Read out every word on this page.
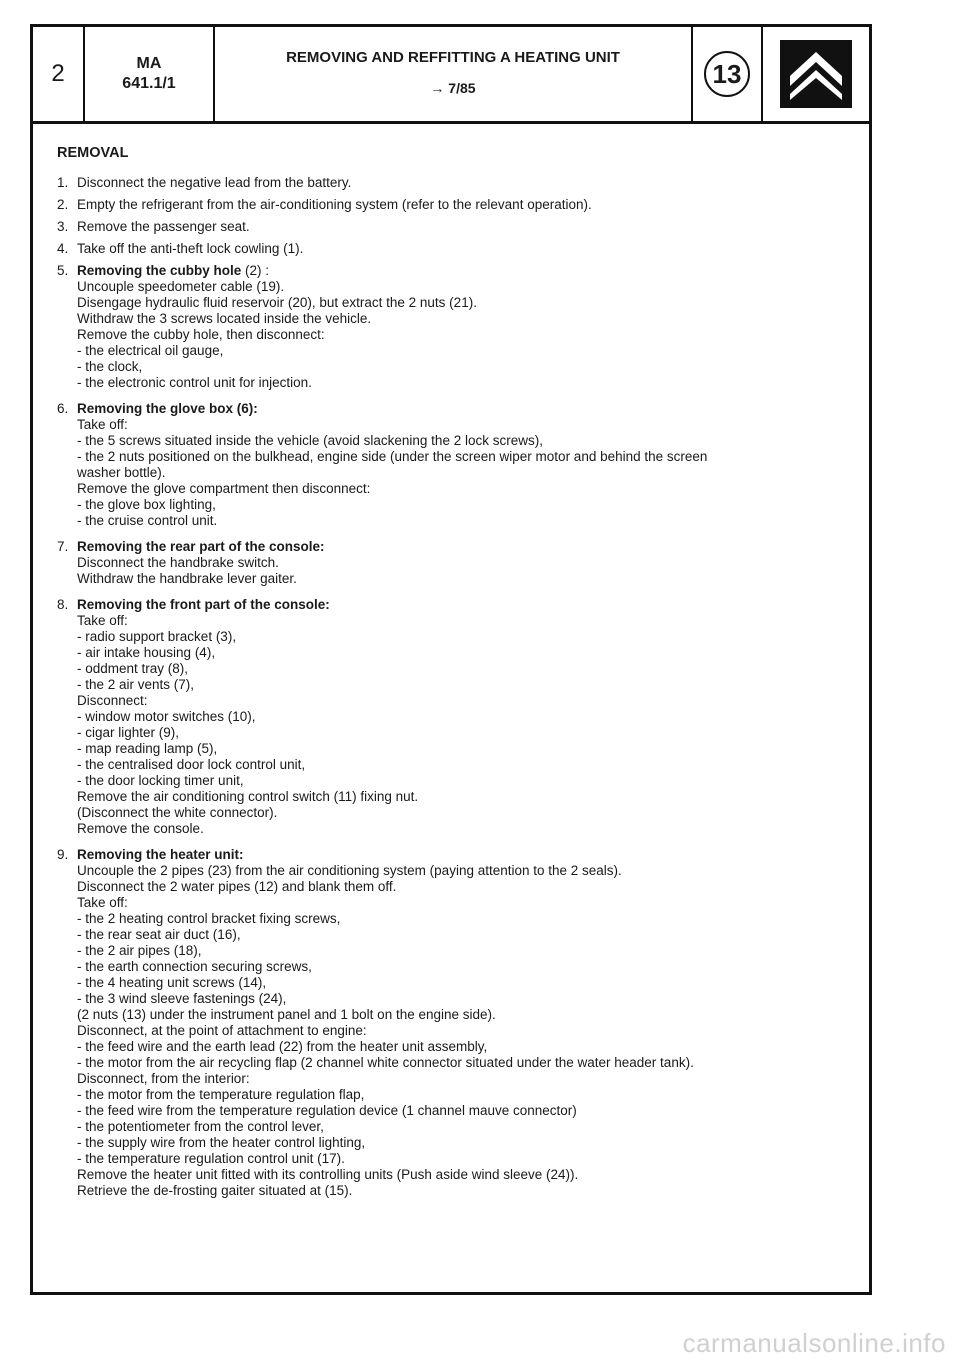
2	MA
641.1/1
REMOVING AND REFFITTING A HEATING UNIT
→ 7/85	13
REMOVAL
1. Disconnect the negative lead from the battery.
2. Empty the refrigerant from the air-conditioning system (refer to the relevant operation).
3. Remove the passenger seat.
4. Take off the anti-theft lock cowling (1).
5. Removing the cubby hole (2) :
Uncouple speedometer cable (19).
Disengage hydraulic fluid reservoir (20), but extract the 2 nuts (21).
Withdraw the 3 screws located inside the vehicle.
Remove the cubby hole, then disconnect:
- the electrical oil gauge,
- the clock,
- the electronic control unit for injection.
6. Removing the glove box (6):
Take off:
- the 5 screws situated inside the vehicle (avoid slackening the 2 lock screws),
- the 2 nuts positioned on the bulkhead, engine side (under the screen wiper motor and behind the screen
washer bottle).
Remove the glove compartment then disconnect:
- the glove box lighting,
- the cruise control unit.
7. Removing the rear part of the console:
Disconnect the handbrake switch.
Withdraw the handbrake lever gaiter.
8. Removing the front part of the console:
Take off:
- radio support bracket (3),
- air intake housing (4),
- oddment tray (8),
- the 2 air vents (7),
Disconnect:
- window motor switches (10),
- cigar lighter (9),
- map reading lamp (5),
- the centralised door lock control unit,
- the door locking timer unit,
Remove the air conditioning control switch (11) fixing nut.
(Disconnect the white connector).
Remove the console.
9. Removing the heater unit:
Uncouple the 2 pipes (23) from the air conditioning system (paying attention to the 2 seals).
Disconnect the 2 water pipes (12) and blank them off.
Take off:
- the 2 heating control bracket fixing screws,
- the rear seat air duct (16),
- the 2 air pipes (18),
- the earth connection securing screws,
- the 4 heating unit screws (14),
- the 3 wind sleeve fastenings (24),
(2 nuts (13) under the instrument panel and 1 bolt on the engine side).
Disconnect, at the point of attachment to engine:
- the feed wire and the earth lead (22) from the heater unit assembly,
- the motor from the air recycling flap (2 channel white connector situated under the water header tank).
Disconnect, from the interior:
- the motor from the temperature regulation flap,
- the feed wire from the temperature regulation device (1 channel mauve connector)
- the potentiometer from the control lever,
- the supply wire from the heater control lighting,
- the temperature regulation control unit (17).
Remove the heater unit fitted with its controlling units (Push aside wind sleeve (24)).
Retrieve the de-frosting gaiter situated at (15).
carmanualsonline.info
